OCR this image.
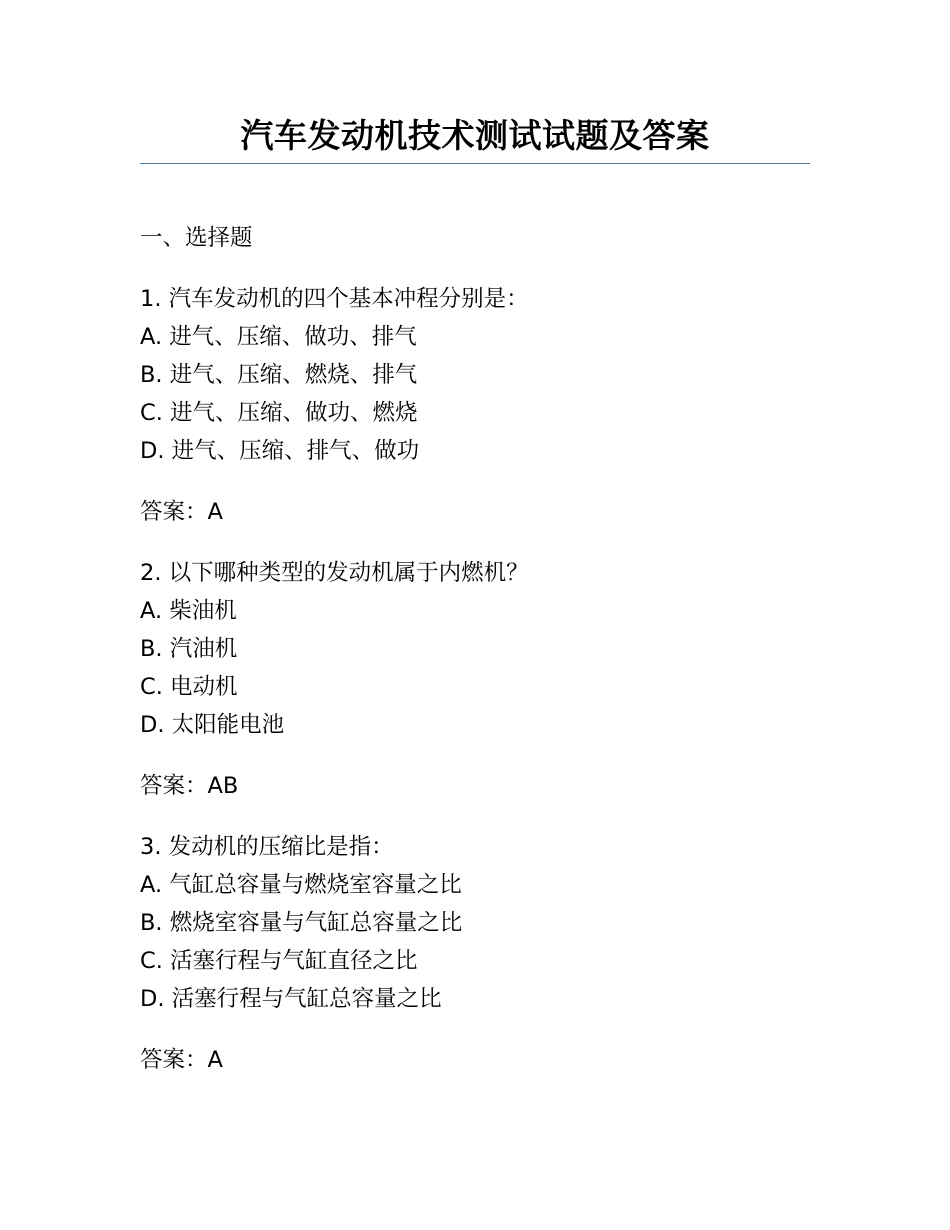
汽车发动机技术测试试题及答案
一、选择题
1. 汽车发动机的四个基本冲程分别是：
A. 进气、压缩、做功、排气
B. 进气、压缩、燃烧、排气
C. 进气、压缩、做功、燃烧
D. 进气、压缩、排气、做功
答案：A
2. 以下哪种类型的发动机属于内燃机？
A. 柴油机
B. 汽油机
C. 电动机
D. 太阳能电池
答案：AB
3. 发动机的压缩比是指：
A. 气缸总容量与燃烧室容量之比
B. 燃烧室容量与气缸总容量之比
C. 活塞行程与气缸直径之比
D. 活塞行程与气缸总容量之比
答案：A
